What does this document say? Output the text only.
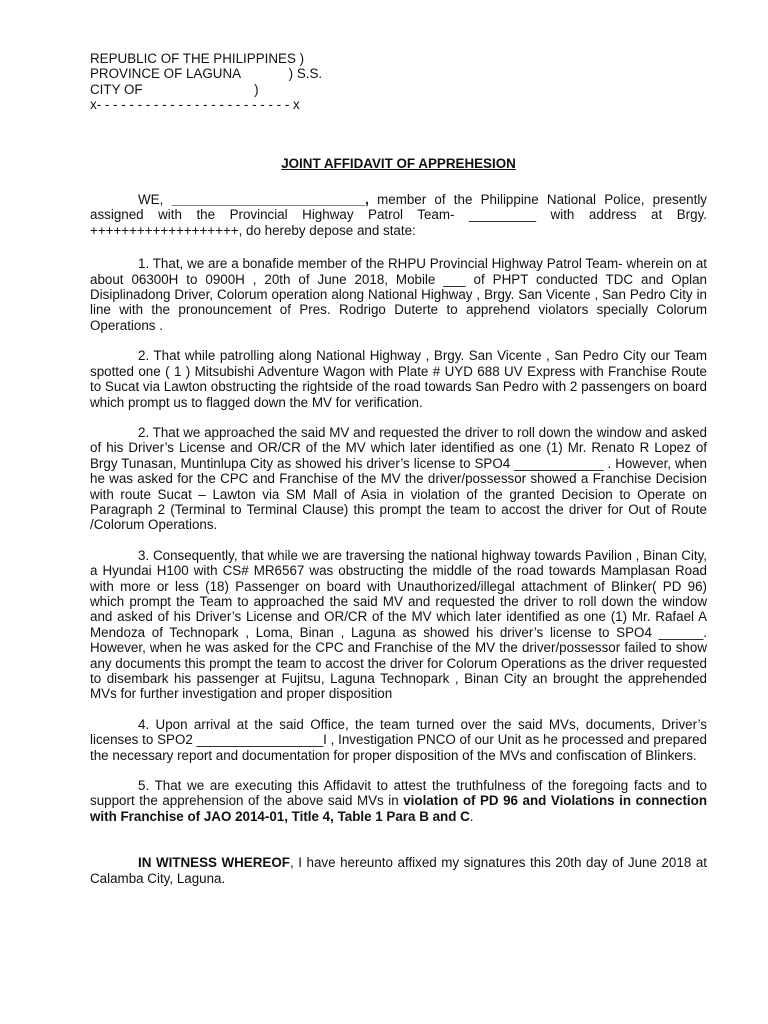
REPUBLIC OF THE PHILIPPINES )
PROVINCE OF LAGUNA             ) S.S.
CITY OF                              )
x- - - - - - - - - - - - - - - - - - - - - - - - x
JOINT AFFIDAVIT OF APPREHESION

WE, __________________________, member of the Philippine National Police, presently assigned with the Provincial Highway Patrol Team- _________ with address at Brgy. +++++++++++++++++++, do hereby depose and state:

1. That, we are a bonafide member of the RHPU Provincial Highway Patrol Team- wherein on at about 06300H to 0900H , 20th of June 2018, Mobile ___ of PHPT conducted TDC and Oplan Disiplinadong Driver, Colorum operation along National Highway , Brgy. San Vicente , San Pedro City in line with the pronouncement of Pres. Rodrigo Duterte to apprehend violators specially Colorum Operations .

2. That while patrolling along National Highway , Brgy. San Vicente , San Pedro City our Team spotted one ( 1 ) Mitsubishi Adventure Wagon with Plate # UYD 688 UV Express with Franchise Route to Sucat via Lawton obstructing the rightside of the road towards San Pedro with 2 passengers on board which prompt us to flagged down the MV for verification.

2. That we approached the said MV and requested the driver to roll down the window and asked of his Driver’s License and OR/CR of the MV which later identified as one (1) Mr. Renato R Lopez of Brgy Tunasan, Muntinlupa City as showed his driver’s license to SPO4 ____________ . However, when he was asked for the CPC and Franchise of the MV the driver/possessor showed a Franchise Decision with route Sucat – Lawton via SM Mall of Asia in violation of the granted Decision to Operate on Paragraph 2 (Terminal to Terminal Clause) this prompt the team to accost the driver for Out of Route /Colorum Operations.

3. Consequently, that while we are traversing the national highway towards Pavilion , Binan City, a Hyundai H100 with CS# MR6567 was obstructing the middle of the road towards Mamplasan Road with more or less (18) Passenger on board with Unauthorized/illegal attachment of Blinker( PD 96) which prompt the Team to approached the said MV and requested the driver to roll down the window and asked of his Driver’s License and OR/CR of the MV which later identified as one (1) Mr. Rafael A Mendoza of Technopark , Loma, Binan , Laguna as showed his driver’s license to SPO4 ______. However, when he was asked for the CPC and Franchise of the MV the driver/possessor failed to show any documents this prompt the team to accost the driver for Colorum Operations as the driver requested to disembark his passenger at Fujitsu, Laguna Technopark , Binan City an brought the apprehended MVs for further investigation and proper disposition

4. Upon arrival at the said Office, the team turned over the said MVs, documents, Driver’s licenses to SPO2 _________________I , Investigation PNCO of our Unit as he processed and prepared the necessary report and documentation for proper disposition of the MVs and confiscation of Blinkers.

5. That we are executing this Affidavit to attest the truthfulness of the foregoing facts and to support the apprehension of the above said MVs in violation of PD 96 and Violations in connection with Franchise of JAO 2014-01, Title 4, Table 1 Para B and C.

IN WITNESS WHEREOF, I have hereunto affixed my signatures this 20th day of June 2018 at Calamba City, Laguna.
